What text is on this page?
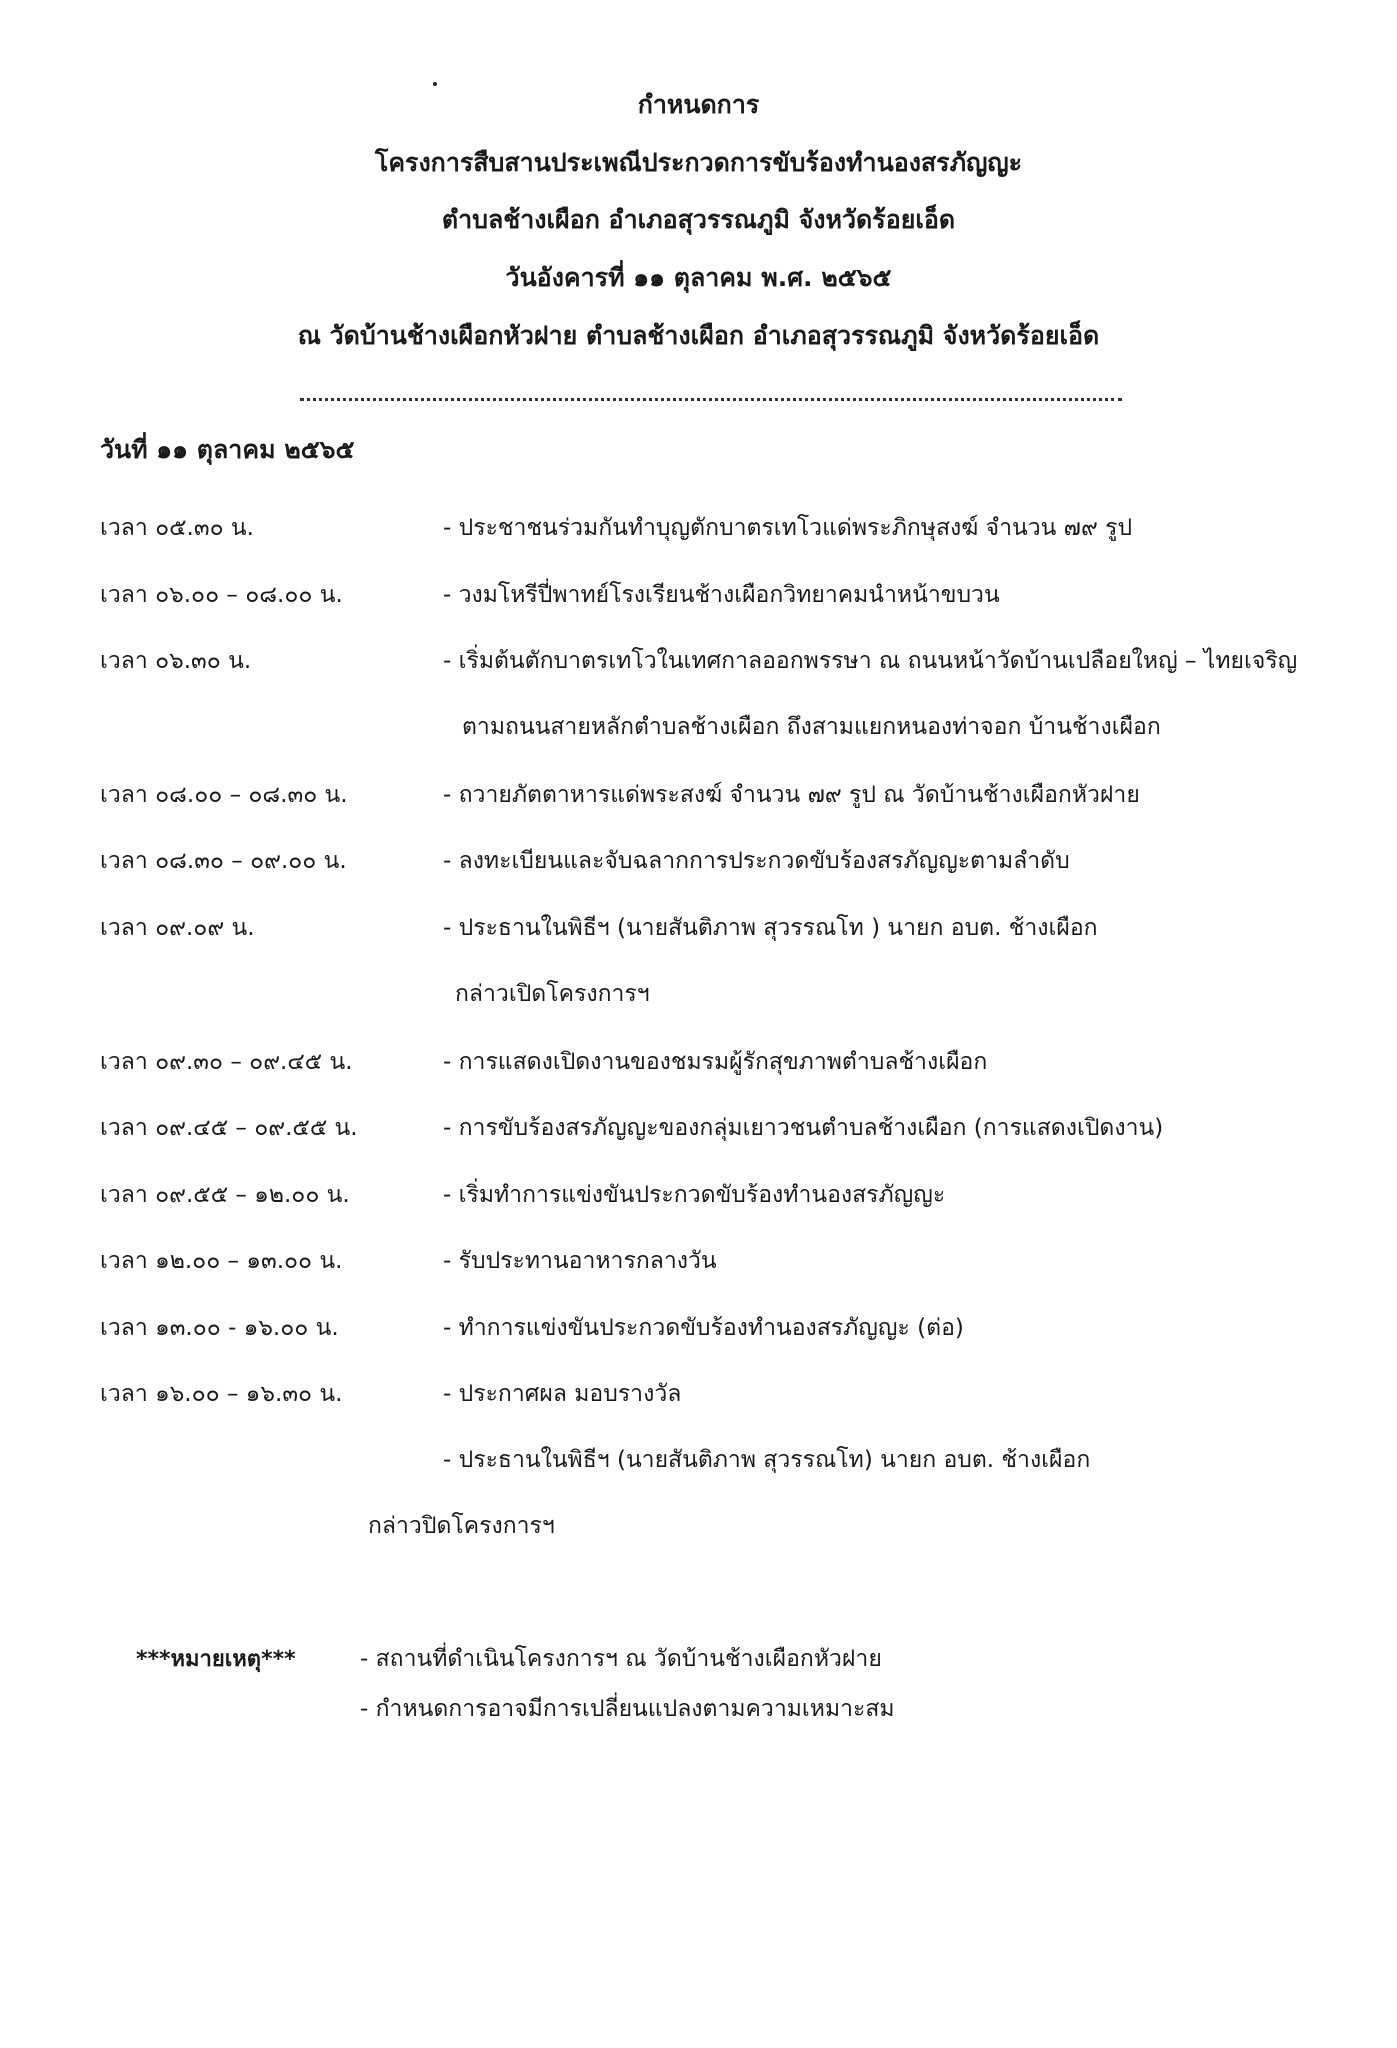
กำหนดการ
โครงการสืบสานประเพณีประกวดการขับร้องทำนองสรภัญญะ
ตำบลช้างเผือก อำเภอสุวรรณภูมิ จังหวัดร้อยเอ็ด
วันอังคารที่ ๑๑ ตุลาคม พ.ศ. ๒๕๖๕
ณ วัดบ้านช้างเผือกหัวฝาย ตำบลช้างเผือก อำเภอสุวรรณภูมิ จังหวัดร้อยเอ็ด
วันที่ ๑๑ ตุลาคม ๒๕๖๕
เวลา ๐๕.๓๐ น.	- ประชาชนร่วมกันทำบุญตักบาตรเทโวแด่พระภิกษุสงฆ์ จำนวน ๗๙ รูป
เวลา ๐๖.๐๐ – ๐๘.๐๐ น.	- วงมโหรีปี่พาทย์โรงเรียนช้างเผือกวิทยาคมนำหน้าขบวน
เวลา ๐๖.๓๐ น.	- เริ่มต้นตักบาตรเทโวในเทศกาลออกพรรษา ณ ถนนหน้าวัดบ้านเปลือยใหญ่ – ไทยเจริญ
ตามถนนสายหลักตำบลช้างเผือก ถึงสามแยกหนองท่าจอก บ้านช้างเผือก
เวลา ๐๘.๐๐ – ๐๘.๓๐ น.	- ถวายภัตตาหารแด่พระสงฆ์ จำนวน ๗๙ รูป ณ วัดบ้านช้างเผือกหัวฝาย
เวลา ๐๘.๓๐ – ๐๙.๐๐ น.	- ลงทะเบียนและจับฉลากการประกวดขับร้องสรภัญญะตามลำดับ
เวลา ๐๙.๐๙ น.	- ประธานในพิธีฯ (นายสันติภาพ สุวรรณโท ) นายก อบต. ช้างเผือก
กล่าวเปิดโครงการฯ
เวลา ๐๙.๓๐ – ๐๙.๔๕ น.	- การแสดงเปิดงานของชมรมผู้รักสุขภาพตำบลช้างเผือก
เวลา ๐๙.๔๕ – ๐๙.๕๕ น.	- การขับร้องสรภัญญะของกลุ่มเยาวชนตำบลช้างเผือก (การแสดงเปิดงาน)
เวลา ๐๙.๕๕ – ๑๒.๐๐ น.	- เริ่มทำการแข่งขันประกวดขับร้องทำนองสรภัญญะ
เวลา ๑๒.๐๐ – ๑๓.๐๐ น.	- รับประทานอาหารกลางวัน
เวลา ๑๓.๐๐ - ๑๖.๐๐ น.	- ทำการแข่งขันประกวดขับร้องทำนองสรภัญญะ (ต่อ)
เวลา ๑๖.๐๐ – ๑๖.๓๐ น.	- ประกาศผล มอบรางวัล
- ประธานในพิธีฯ (นายสันติภาพ สุวรรณโท) นายก อบต. ช้างเผือก
กล่าวปิดโครงการฯ
***หมายเหตุ***	- สถานที่ดำเนินโครงการฯ ณ วัดบ้านช้างเผือกหัวฝาย
- กำหนดการอาจมีการเปลี่ยนแปลงตามความเหมาะสม
